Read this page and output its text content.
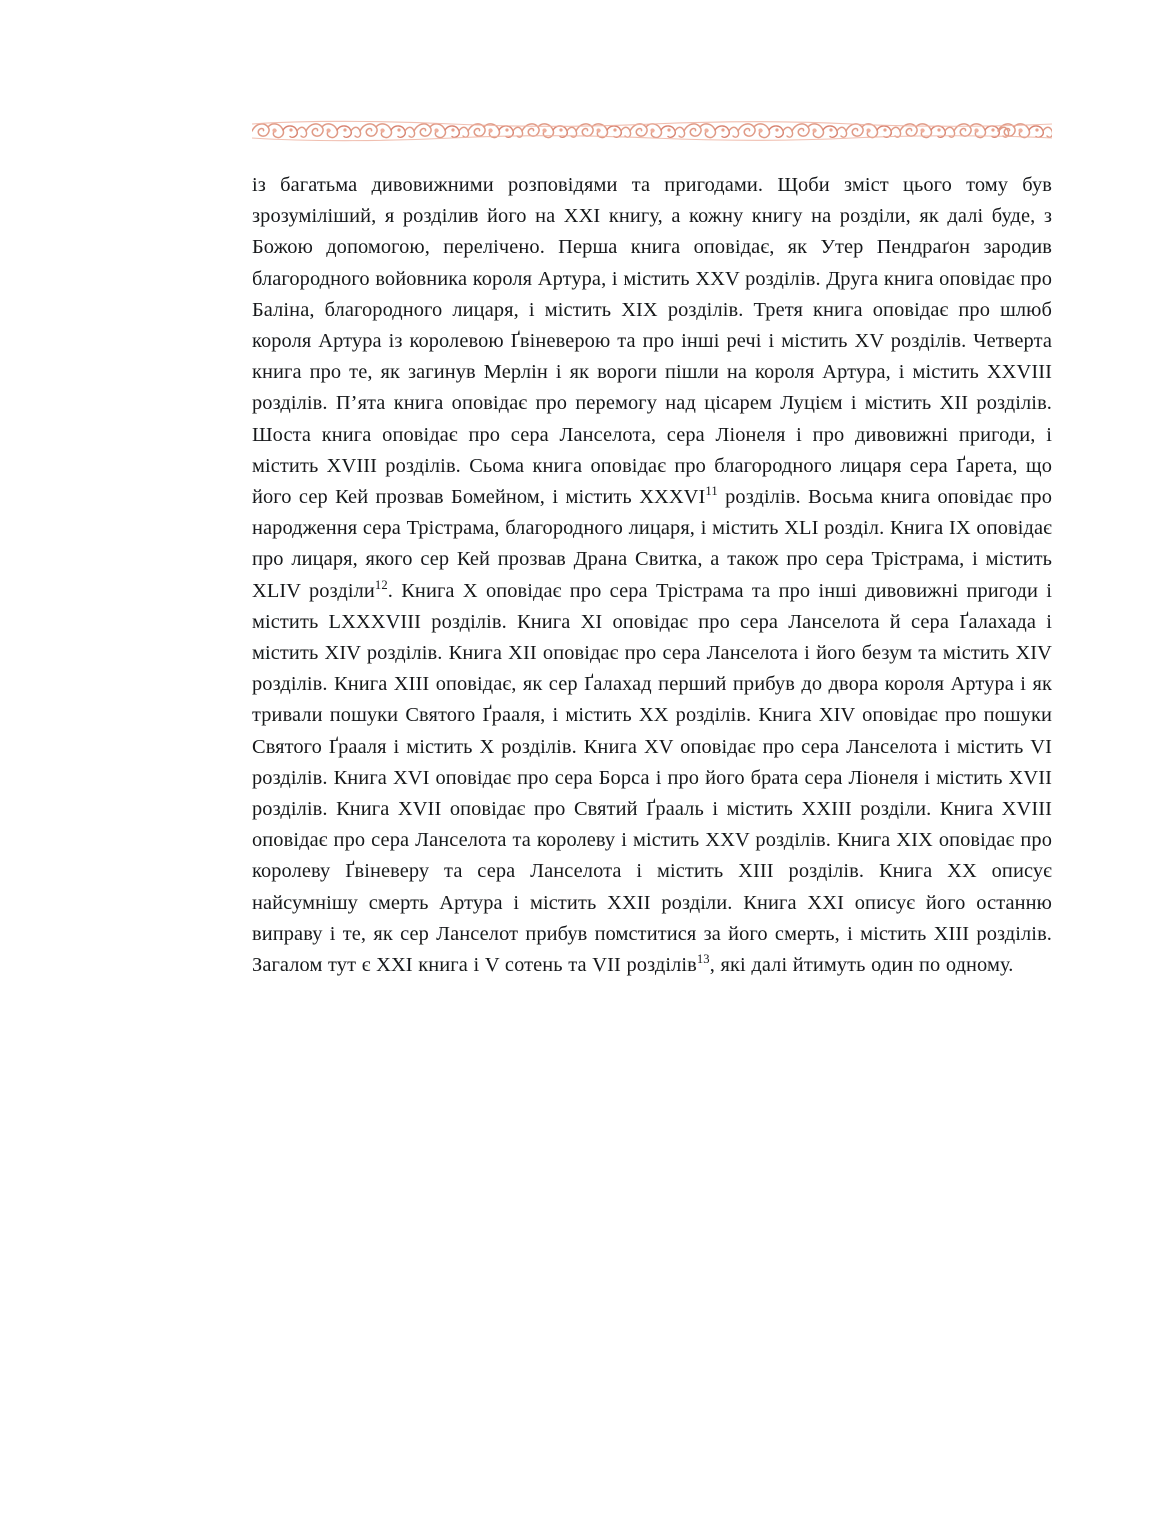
із багатьма дивовижними розповідями та пригодами. Щоби зміст цього тому був зрозуміліший, я розділив його на XXI книгу, а кожну книгу на розділи, як далі буде, з Божою допомогою, перелічено. Перша книга оповідає, як Утер Пендраґон зародив благородного войовника короля Артура, і містить XXV розділів. Друга книга оповідає про Баліна, благородного лицаря, і містить XIX розділів. Третя книга оповідає про шлюб короля Артура із королевою Ґвіневерою та про інші речі і містить XV розділів. Четверта книга про те, як загинув Мерлін і як вороги пішли на короля Артура, і містить XXVIII розділів. П’ята книга оповідає про перемогу над цісарем Луцієм і містить XII розділів. Шоста книга оповідає про сера Ланселота, сера Ліонеля і про дивовижні пригоди, і містить XVIII розділів. Сьома книга оповідає про благородного лицаря сера Ґарета, що його сер Кей прозвав Бомейном, і містить XXXVI$^{11}$ розділів. Восьма книга оповідає про народження сера Трістрама, благородного лицаря, і містить XLI розділ. Книга IX оповідає про лицаря, якого сер Кей прозвав Драна Свитка, а також про сера Трістрама, і містить XLIV розділи$^{12}$. Книга X оповідає про сера Трістрама та про інші дивовижні пригоди і містить LXXXVIII розділів. Книга XI оповідає про сера Ланселота й сера Ґалахада і містить XIV розділів. Книга XII оповідає про сера Ланселота і його безум та містить XIV розділів. Книга XIII оповідає, як сер Ґалахад перший прибув до двора короля Артура і як тривали пошуки Святого Ґрааля, і містить XX розділів. Книга XIV оповідає про пошуки Святого Ґрааля і містить X розділів. Книга XV оповідає про сера Ланселота і містить VI розділів. Книга XVI оповідає про сера Борса і про його брата сера Ліонеля і містить XVII розділів. Книга XVII оповідає про Святий Ґрааль і містить XXIII розділи. Книга XVIII оповідає про сера Ланселота та королеву і містить XXV розділів. Книга XIX оповідає про королеву Ґвіневеру та сера Ланселота і містить XIII розділів. Книга XX описує найсумнішу смерть Артура і містить XXII розділи. Книга XXI описує його останню виправу і те, як сер Ланселот прибув помститися за його смерть, і містить XIII розділів. Загалом тут є XXI книга і V сотень та VII розділів$^{13}$, які далі йтимуть один по одному.
